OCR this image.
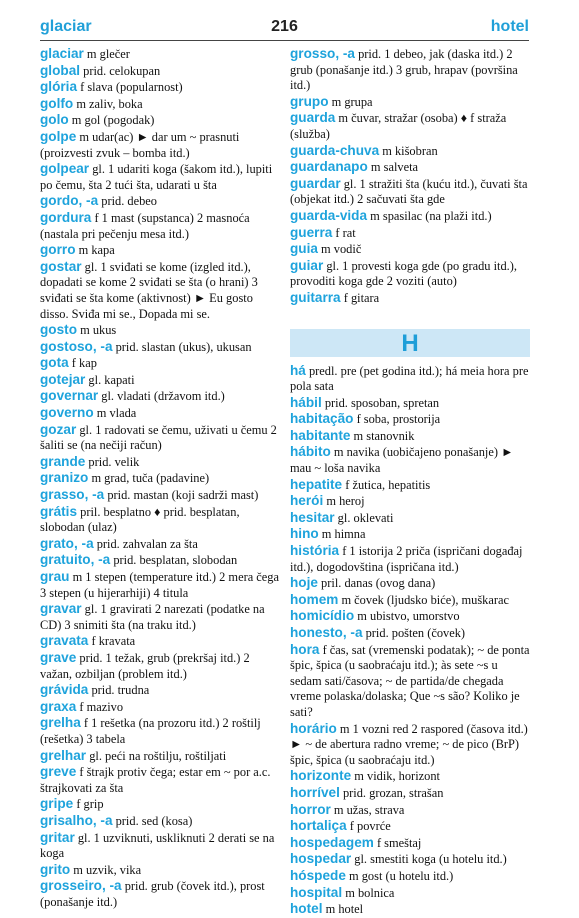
glaciar	216	hotel

glaciar m glečer

global prid. celokupan

glória f slava (popularnost)

golfo m zaliv, boka

golo m gol (pogodak)

golpe m udar(ac) ► dar um ~ prasnuti (proizvesti zvuk – bomba itd.)

golpear gl. 1 udariti koga (šakom itd.), lupiti po čemu, šta 2 tući šta, udarati u šta

gordo, -a prid. debeo

gordura f 1 mast (supstanca) 2 masnoća (nastala pri pečenju mesa itd.)

gorro m kapa

gostar gl. 1 sviđati se kome (izgled itd.), dopadati se kome 2 sviđati se šta (o hrani) 3 sviđati se šta kome (aktivnost) ► Eu gosto disso. Sviđa mi se., Dopada mi se.

gosto m ukus

gostoso, -a prid. slastan (ukus), ukusan

gota f kap

gotejar gl. kapati

governar gl. vladati (državom itd.)

governo m vlada

gozar gl. 1 radovati se čemu, uživati u čemu 2 šaliti se (na nečiji račun)

grande prid. velik

granizo m grad, tuča (padavine)

grasso, -a prid. mastan (koji sadrži mast)

grátis pril. besplatno ♦ prid. besplatan, slobodan (ulaz)

grato, -a prid. zahvalan za šta

gratuito, -a prid. besplatan, slobodan

grau m 1 stepen (temperature itd.) 2 mera čega 3 stepen (u hijerarhiji) 4 titula

gravar gl. 1 gravirati 2 narezati (podatke na CD) 3 snimiti šta (na traku itd.)

gravata f kravata

grave prid. 1 težak, grub (prekršaj itd.) 2 važan, ozbiljan (problem itd.)

grávida prid. trudna

graxa f mazivo

grelha f 1 rešetka (na prozoru itd.) 2 roštilj (rešetka) 3 tabela

grelhar gl. peći na roštilju, roštiljati

greve f štrajk protiv čega; estar em ~ por a.c. štrajkovati za šta

gripe f grip

grisalho, -a prid. sed (kosa)

gritar gl. 1 uzviknuti, uskliknuti 2 derati se na koga

grito m uzvik, vika

grosseiro, -a prid. grub (čovek itd.), prost (ponašanje itd.)

grosso, -a prid. 1 debeo, jak (daska itd.) 2 grub (ponašanje itd.) 3 grub, hrapav (površina itd.)

grupo m grupa

guarda m čuvar, stražar (osoba) ♦ f straža (služba)

guarda-chuva m kišobran

guardanapo m salveta

guardar gl. 1 stražiti šta (kuću itd.), čuvati šta (objekat itd.) 2 sačuvati šta gde

guarda-vida m spasilac (na plaži itd.)

guerra f rat

guia m vodič

guiar gl. 1 provesti koga gde (po gradu itd.), provoditi koga gde 2 voziti (auto)

guitarra f gitara

H

há predl. pre (pet godina itd.); há meia hora pre pola sata

hábil prid. sposoban, spretan

habitação f soba, prostorija

habitante m stanovnik

hábito m navika (uobičajeno ponašanje) ► mau ~ loša navika

hepatite f žutica, hepatitis

herói m heroj

hesitar gl. oklevati

hino m himna

história f 1 istorija 2 priča (ispričani događaj itd.), dogodovština (ispričana itd.)

hoje pril. danas (ovog dana)

homem m čovek (ljudsko biće), muškarac

homicídio m ubistvo, umorstvo

honesto, -a prid. pošten (čovek)

hora f čas, sat (vremenski podatak); ~ de ponta špic, špica (u saobraćaju itd.); às sete ~s u sedam sati/časova; ~ de partida/de chegada vreme polaska/dolaska; Que ~s são? Koliko je sati?

horário m 1 vozni red 2 raspored (časova itd.) ► ~ de abertura radno vreme; ~ de pico (BrP) špic, špica (u saobraćaju itd.)

horizonte m vidik, horizont

horrível prid. grozan, strašan

horror m užas, strava

hortaliça f povrće

hospedagem f smeštaj

hospedar gl. smestiti koga (u hotelu itd.)

hóspede m gost (u hotelu itd.)

hospital m bolnica

hotel m hotel
